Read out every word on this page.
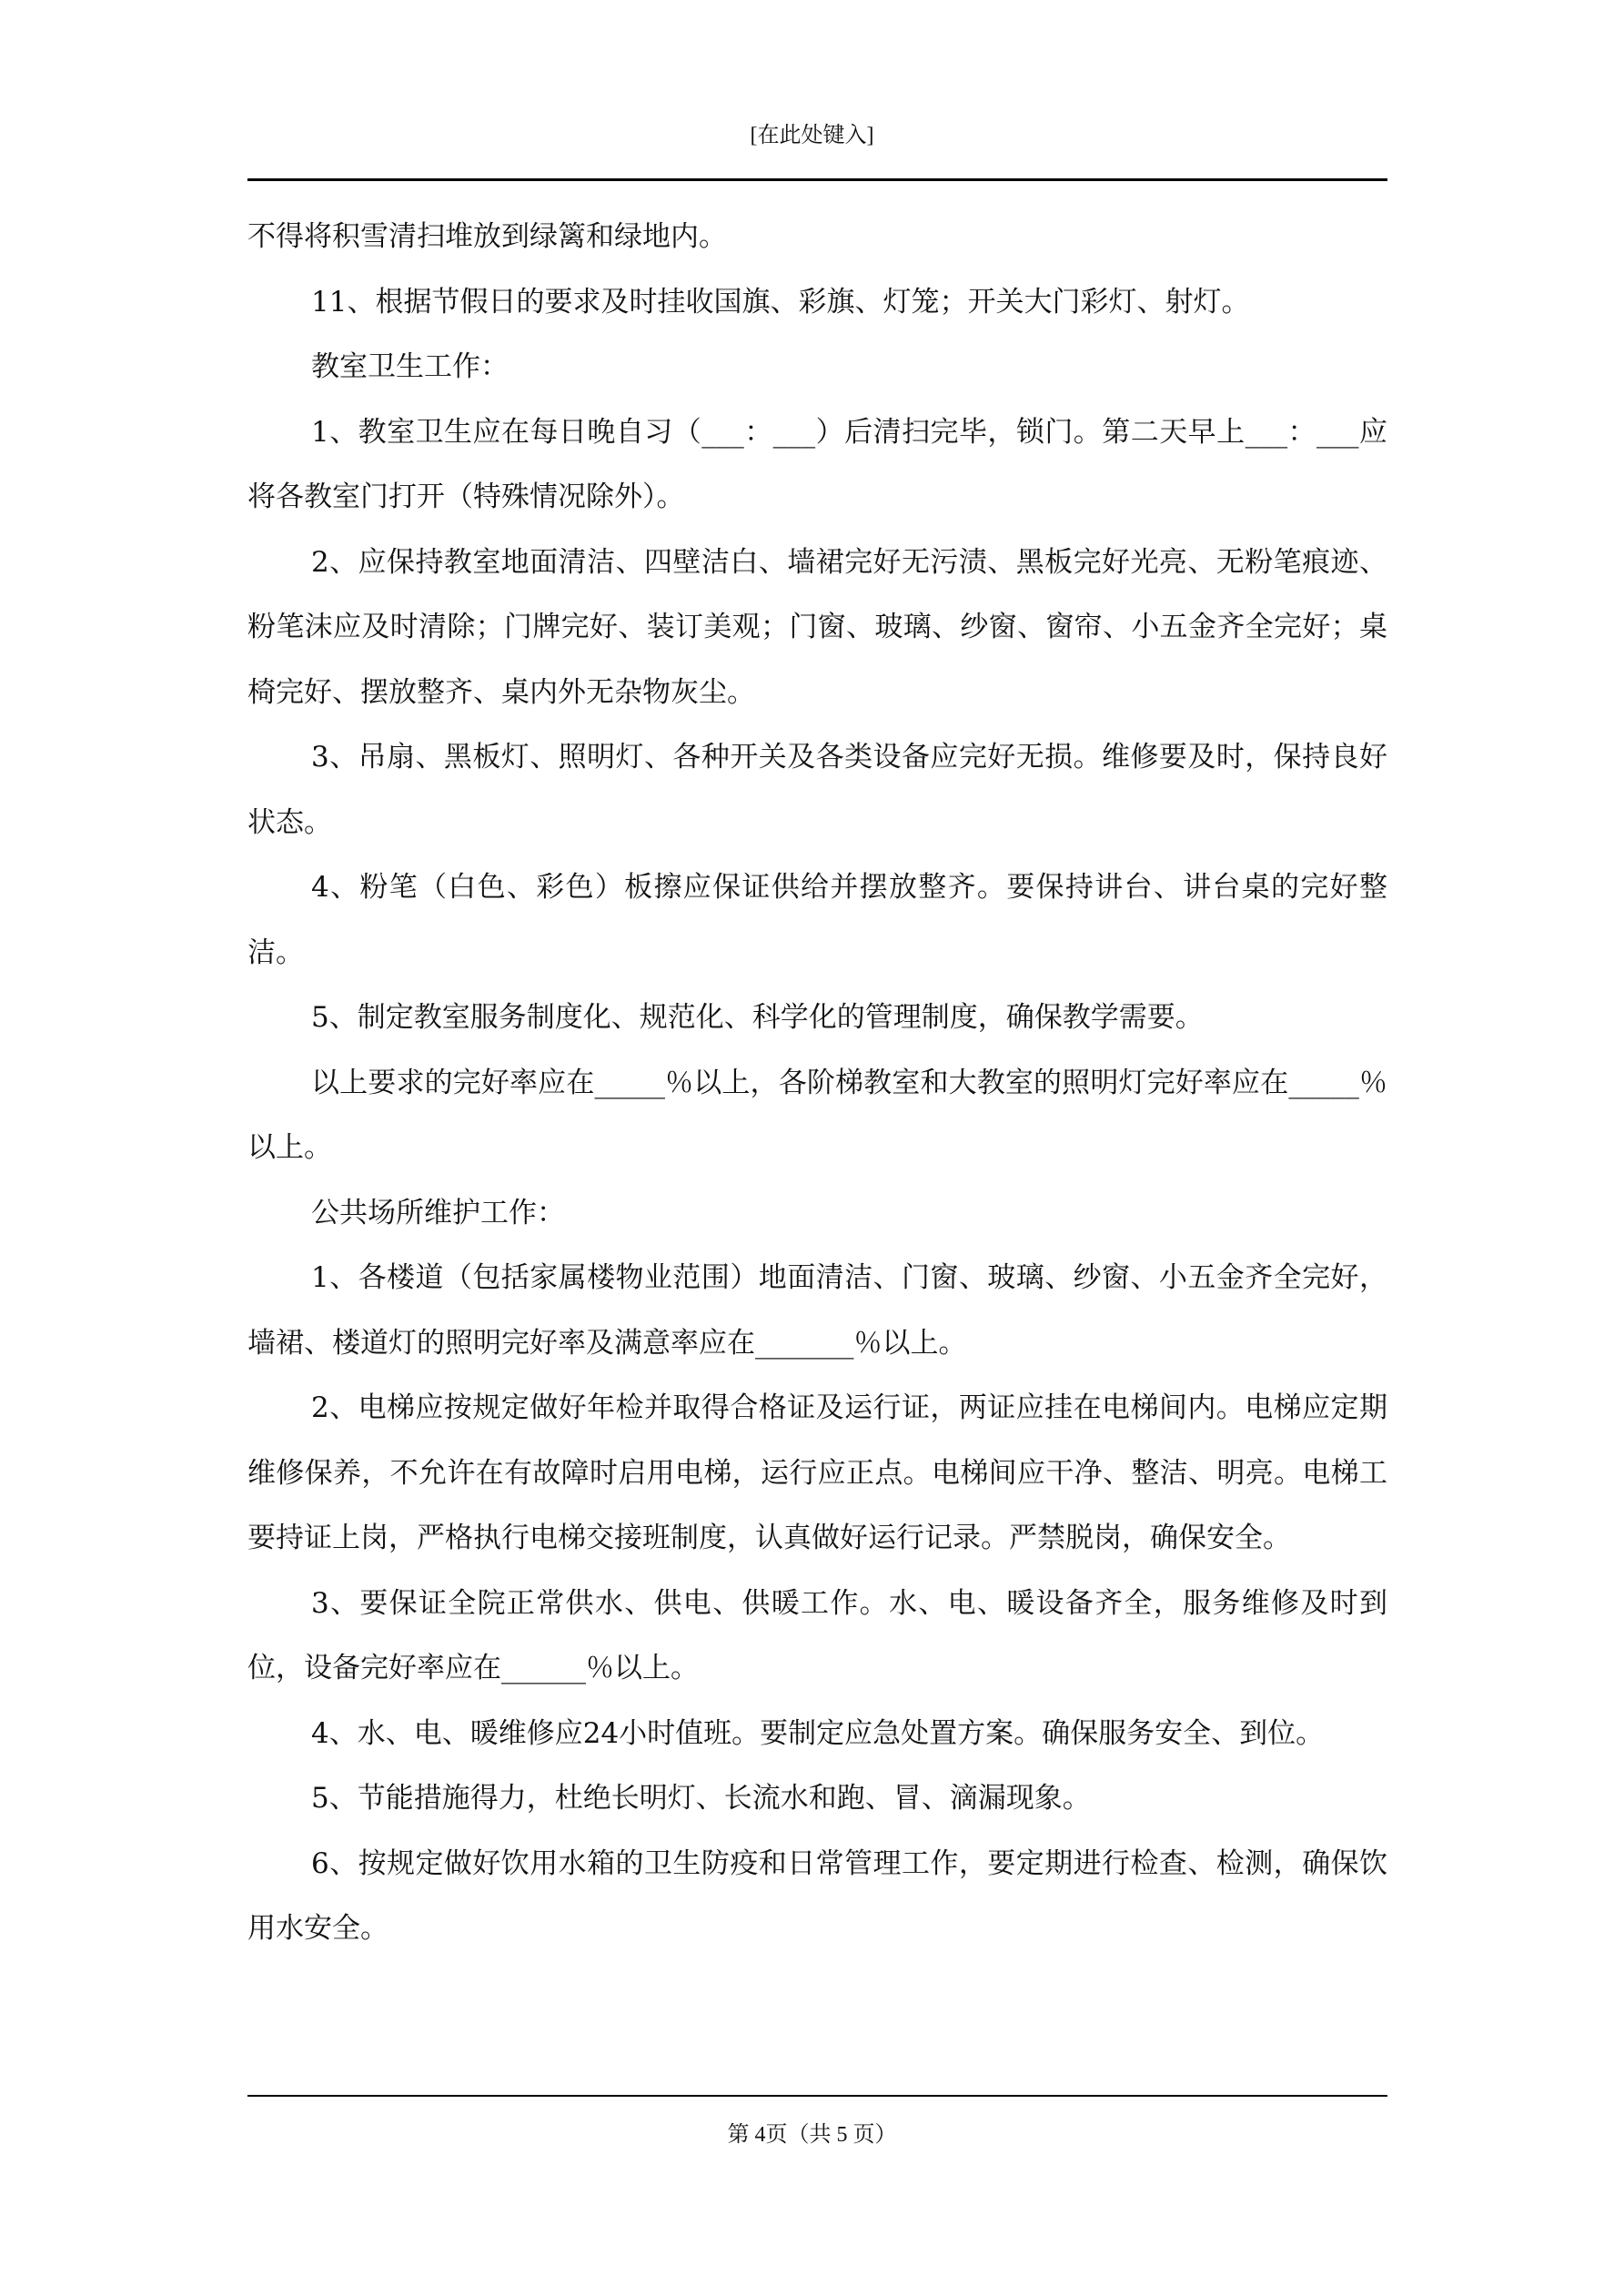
[在此处键入]

不得将积雪清扫堆放到绿篱和绿地内。

11、根据节假日的要求及时挂收国旗、彩旗、灯笼；开关大门彩灯、射灯。

教室卫生工作：

1、教室卫生应在每日晚自习（___：___）后清扫完毕，锁门。第二天早上___：___应将各教室门打开（特殊情况除外）。

2、应保持教室地面清洁、四壁洁白、墙裙完好无污渍、黑板完好光亮、无粉笔痕迹、粉笔沫应及时清除；门牌完好、装订美观；门窗、玻璃、纱窗、窗帘、小五金齐全完好；桌椅完好、摆放整齐、桌内外无杂物灰尘。

3、吊扇、黑板灯、照明灯、各种开关及各类设备应完好无损。维修要及时，保持良好状态。

4、粉笔（白色、彩色）板擦应保证供给并摆放整齐。要保持讲台、讲台桌的完好整洁。

5、制定教室服务制度化、规范化、科学化的管理制度，确保教学需要。

以上要求的完好率应在_____％以上，各阶梯教室和大教室的照明灯完好率应在_____％以上。

公共场所维护工作：

1、各楼道（包括家属楼物业范围）地面清洁、门窗、玻璃、纱窗、小五金齐全完好，墙裙、楼道灯的照明完好率及满意率应在_______％以上。

2、电梯应按规定做好年检并取得合格证及运行证，两证应挂在电梯间内。电梯应定期维修保养，不允许在有故障时启用电梯，运行应正点。电梯间应干净、整洁、明亮。电梯工要持证上岗，严格执行电梯交接班制度，认真做好运行记录。严禁脱岗，确保安全。

3、要保证全院正常供水、供电、供暖工作。水、电、暖设备齐全，服务维修及时到位，设备完好率应在______％以上。

4、水、电、暖维修应24小时值班。要制定应急处置方案。确保服务安全、到位。

5、节能措施得力，杜绝长明灯、长流水和跑、冒、滴漏现象。

6、按规定做好饮用水箱的卫生防疫和日常管理工作，要定期进行检查、检测，确保饮用水安全。

第 4页（共 5 页）
